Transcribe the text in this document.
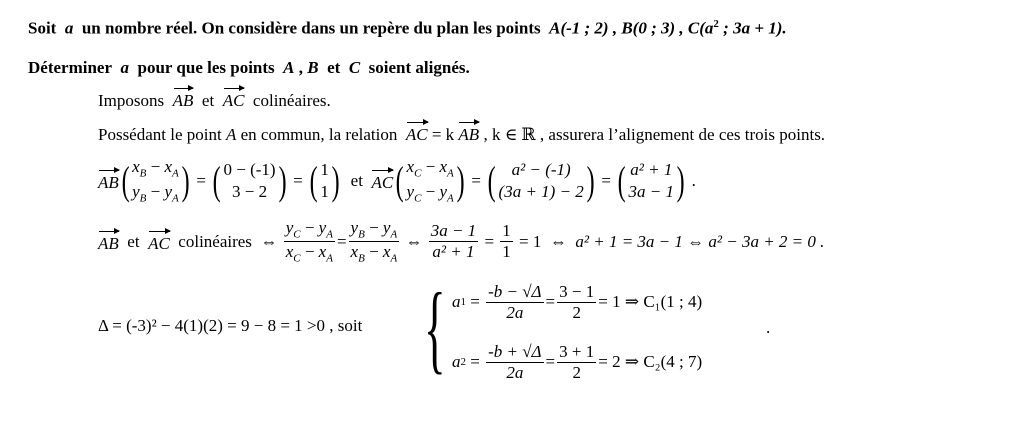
Soit a un nombre réel. On considère dans un repère du plan les points A(-1 ; 2) , B(0 ; 3) , $C(a^2$ ; 3a + 1).
Déterminer a pour que les points A , B et C soient alignés.
Imposons AB et AC colinéaires.
Possédant le point A en commun, la relation AC = k AB , k ∈ ℝ , assurera l’alignement de ces trois points.
AB ( $x_B - x_A$
$y_B - y_A$ ) = ( 0 − (-1)
3 − 2 ) = ( 1
1 )
et
AC ( $x_C - x_A$
$y_C - y_A$ ) = ( a² − (-1)
(3a + 1) − 2 ) = ( a² + 1
3a − 1 )
.
AB
et
AC
colinéaires ⇔ $\frac{y_C - y_A}{x_C - x_A} = \frac{y_B - y_A}{x_B - x_A}$ ⇔ $\frac{3a - 1}{\text{a² + 1}} = \frac{1}{1}$
= 1 ⇔ a² + 1 = 3a − 1 ⇔ a² − 3a + 2 = 0 .
Δ = (-3)² − 4(1)(2) = 9 − 8 = 1 >0 , soit { a $1 = \frac{-b - √\Delta}{2a} = \frac{3 - 1}{2} = 1$ ⇒ C₁(1 ; 4)
a $2 = \frac{-b + √\Delta}{2a} = \frac{3 + 1}{2} = 2$ ⇒ C₂(4 ; 7)
.
